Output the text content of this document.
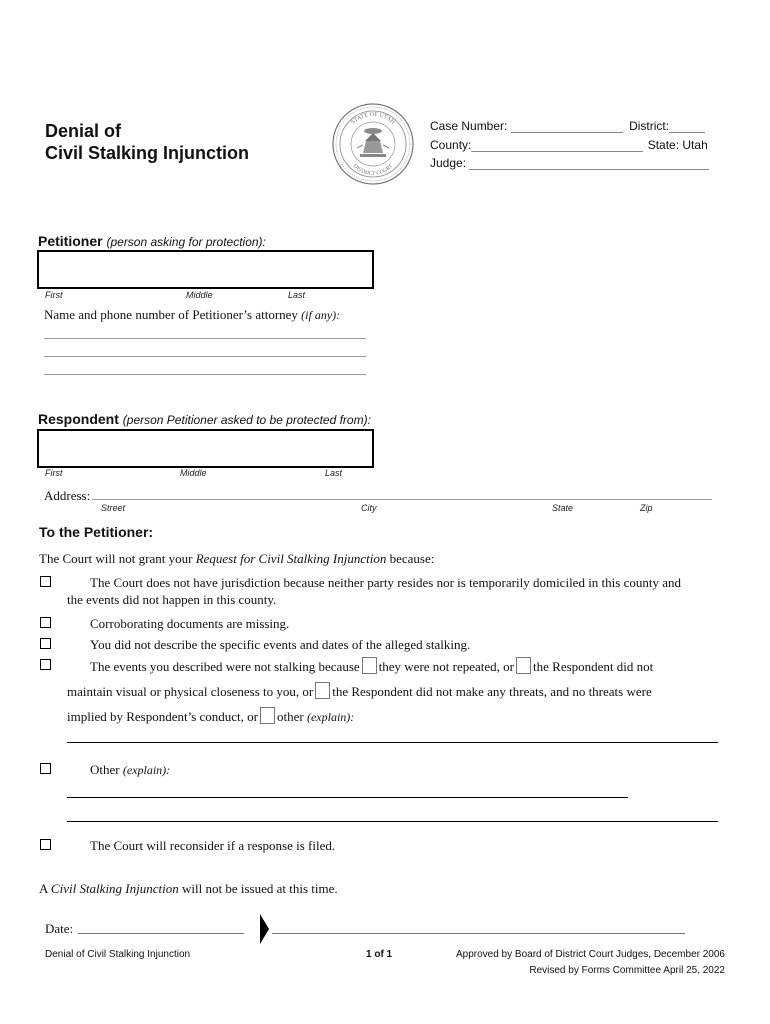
Denial of
Civil Stalking Injunction
STATE OF UTAH
DISTRICT COURT
Case Number:	District:
County:	State: Utah
Judge:
Petitioner (person asking for protection):
First	Middle	Last
Name and phone number of Petitioner’s attorney (if any):
Respondent (person Petitioner asked to be protected from):
First	Middle	Last
Address:
Street	City	State	Zip
To the Petitioner:
The Court will not grant your Request for Civil Stalking Injunction because:
The Court does not have jurisdiction because neither party resides nor is temporarily domiciled in this county and
the events did not happen in this county.
Corroborating documents are missing.
You did not describe the specific events and dates of the alleged stalking.
The events you described were not stalking because they were not repeated, or the Respondent did not
maintain visual or physical closeness to you, or the Respondent did not make any threats, and no threats were
implied by Respondent’s conduct, or other (explain):
Other (explain):
The Court will reconsider if a response is filed.
A Civil Stalking Injunction will not be issued at this time.
Date:
Denial of Civil Stalking Injunction	1 of 1	Approved by Board of District Court Judges, December 2006
Revised by Forms Committee April 25, 2022
